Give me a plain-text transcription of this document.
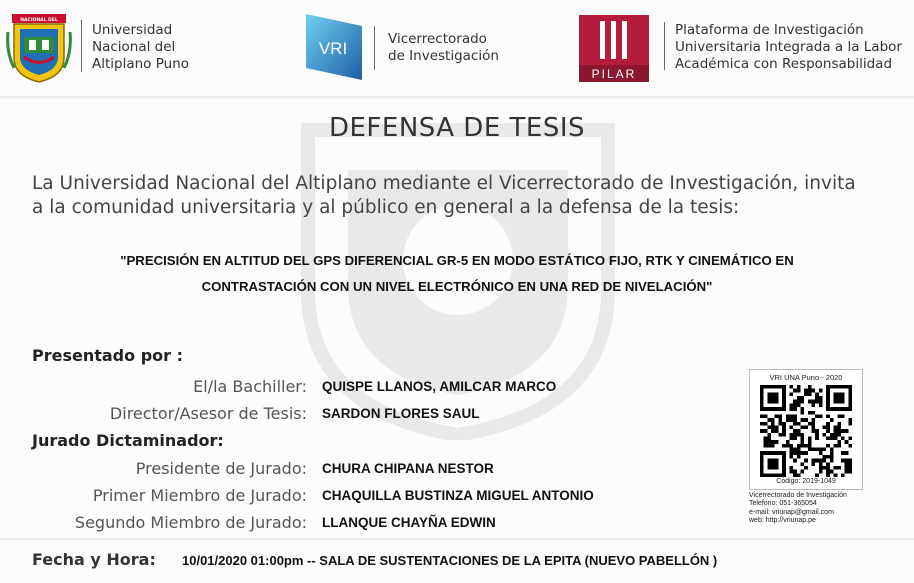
NACIONAL DEL
Universidad
Nacional del
Altiplano Puno
VRI	Vicerrectorado
de Investigación
PILAR
Plataforma de Investigación
Universitaria Integrada a la Labor
Académica con Responsabilidad
DEFENSA DE TESIS
La Universidad Nacional del Altiplano mediante el Vicerrectorado de Investigación, invita
a la comunidad universitaria y al público en general a la defensa de la tesis:
"PRECISIÓN EN ALTITUD DEL GPS DIFERENCIAL GR-5 EN MODO ESTÁTICO FIJO, RTK Y CINEMÁTICO EN
CONTRASTACIÓN CON UN NIVEL ELECTRÓNICO EN UNA RED DE NIVELACIÓN"
Presentado por :
El/la Bachiller: QUISPE LLANOS, AMILCAR MARCO
Director/Asesor de Tesis: SARDON FLORES SAUL
Jurado Dictaminador:
Presidente de Jurado: CHURA CHIPANA NESTOR
Primer Miembro de Jurado: CHAQUILLA BUSTINZA MIGUEL ANTONIO
Segundo Miembro de Jurado: LLANQUE CHAYÑA EDWIN
Fecha y Hora: 10/01/2020 01:00pm -- SALA DE SUSTENTACIONES DE LA EPITA (NUEVO PABELLÓN )
VRI UNA Puno - 2020
Código: 2019-1049
Vicerrectorado de Investigación
Telefono: 051-365054
e-mail: vriunap@gmail.com
web: http://vriunap.pe
